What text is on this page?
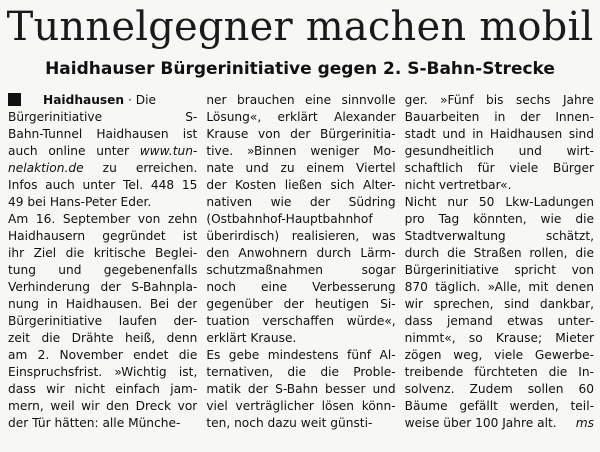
Tunnelgegner machen mobil
Haidhauser Bürgerinitiative gegen 2. S-Bahn-Strecke
Haidhausen · Die
Bürgerinitiative S-
Bahn-Tunnel Haidhausen ist
auch online unter www.tun-
nelaktion.de zu erreichen.
Infos auch unter Tel. 448 15
49 bei Hans-Peter Eder.
Am 16. September von zehn
Haidhausern gegründet ist
ihr Ziel die kritische Beglei-
tung und gegebenenfalls
Verhinderung der S-Bahnpla-
nung in Haidhausen. Bei der
Bürgerinitiative laufen der-
zeit die Drähte heiß, denn
am 2. November endet die
Einspruchsfrist. »Wichtig ist,
dass wir nicht einfach jam-
mern, weil wir den Dreck vor
der Tür hätten: alle Münche-
ner brauchen eine sinnvolle
Lösung«, erklärt Alexander
Krause von der Bürgerinitia-
tive. »Binnen weniger Mo-
nate und zu einem Viertel
der Kosten ließen sich Alter-
nativen wie der Südring
(Ostbahnhof-Hauptbahnhof
überirdisch) realisieren, was
den Anwohnern durch Lärm-
schutzmaßnahmen sogar
noch eine Verbesserung
gegenüber der heutigen Si-
tuation verschaffen würde«,
erklärt Krause.
Es gebe mindestens fünf Al-
ternativen, die die Proble-
matik der S-Bahn besser und
viel verträglicher lösen könn-
ten, noch dazu weit günsti-
ger. »Fünf bis sechs Jahre
Bauarbeiten in der Innen-
stadt und in Haidhausen sind
gesundheitlich und wirt-
schaftlich für viele Bürger
nicht vertretbar«.
Nicht nur 50 Lkw-Ladungen
pro Tag könnten, wie die
Stadtverwaltung schätzt,
durch die Straßen rollen, die
Bürgerinitiative spricht von
870 täglich. »Alle, mit denen
wir sprechen, sind dankbar,
dass jemand etwas unter-
nimmt«, so Krause; Mieter
zögen weg, viele Gewerbe-
treibende fürchteten die In-
solvenz. Zudem sollen 60
Bäume gefällt werden, teil-
weise über 100 Jahre alt. ms
